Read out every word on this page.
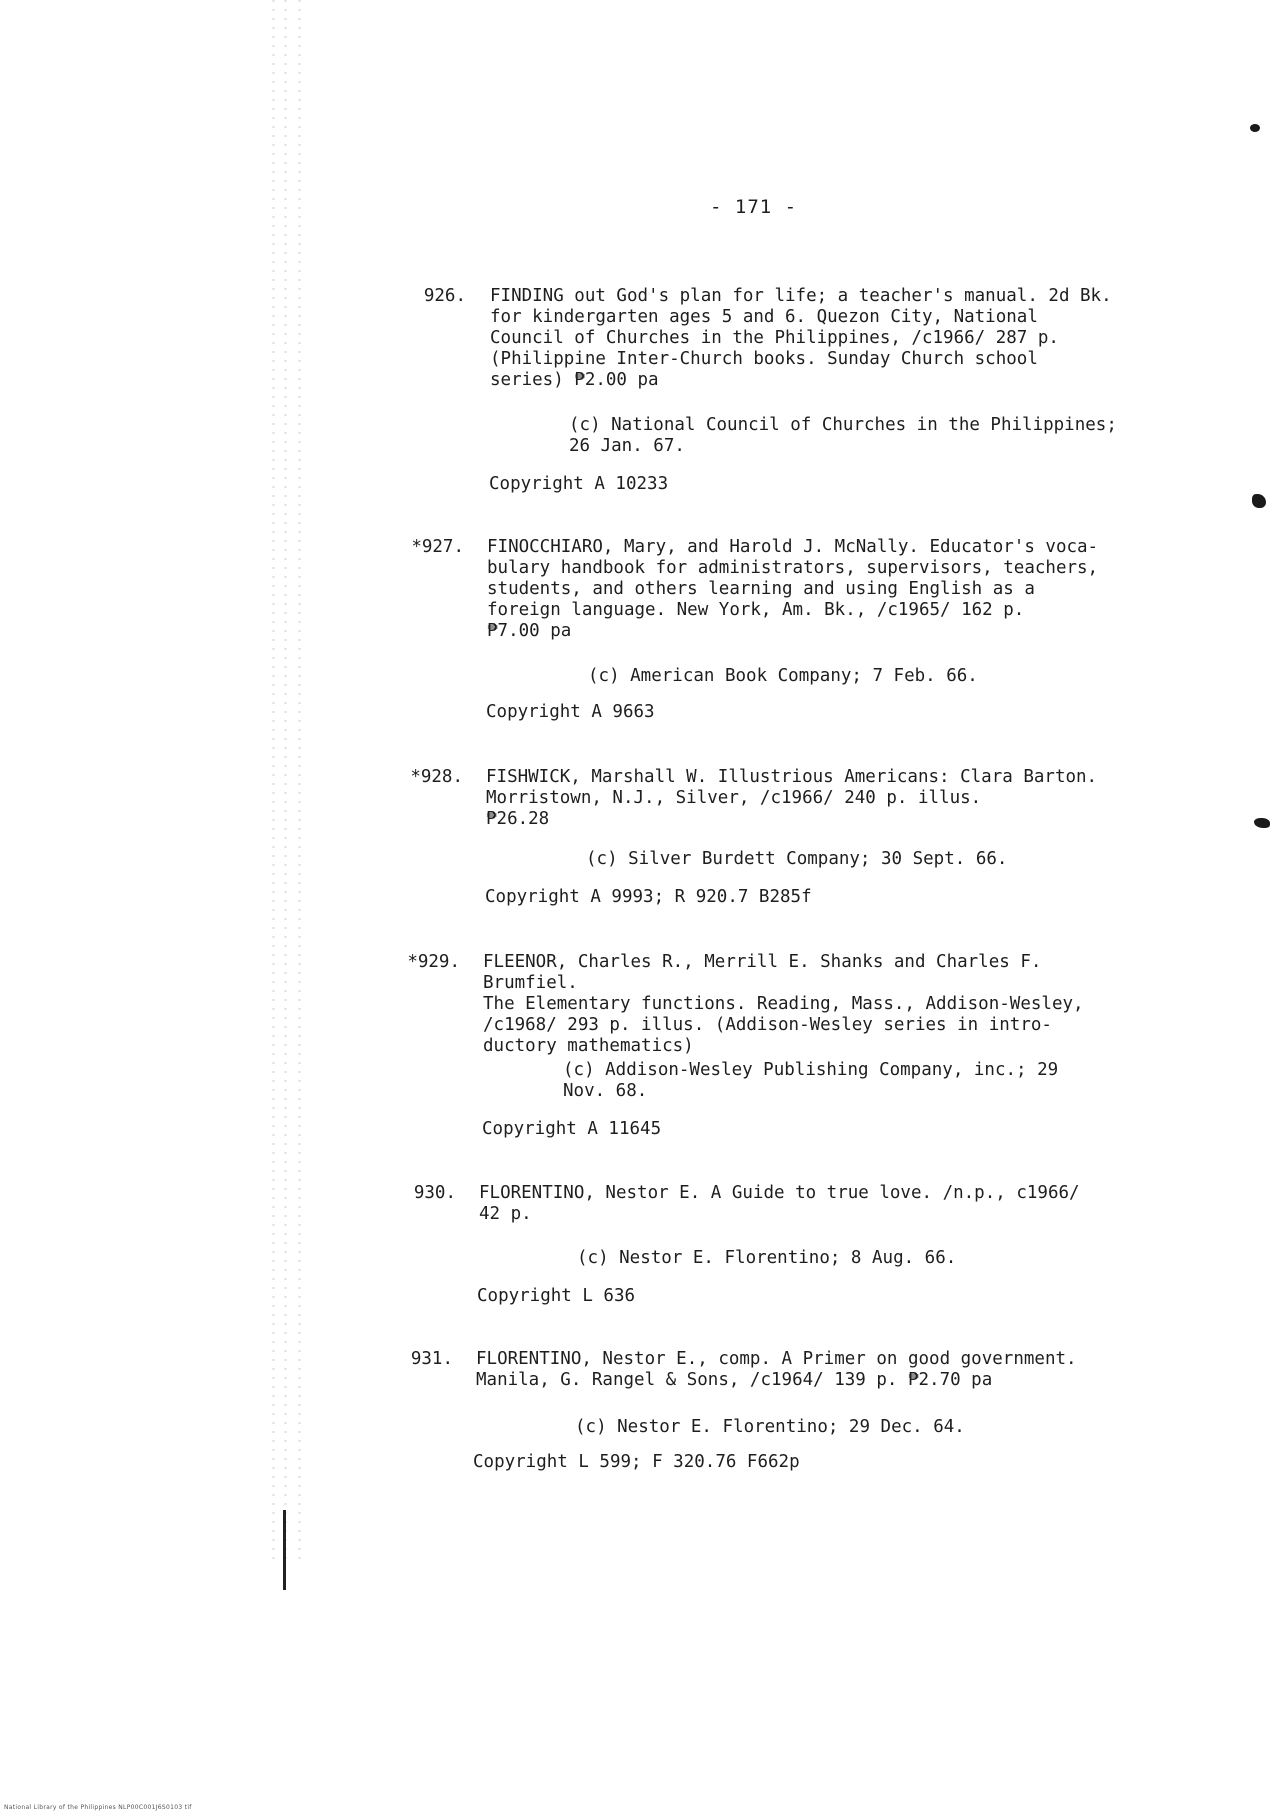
- 171 -
926. FINDING out God's plan for life; a teacher's manual. 2d Bk.
for kindergarten ages 5 and 6. Quezon City, National
Council of Churches in the Philippines, /c1966/ 287 p.
(Philippine Inter-Church books. Sunday Church school
series) ₱2.00 pa
(c) National Council of Churches in the Philippines;
26 Jan. 67.
Copyright A 10233
*927. FINOCCHIARO, Mary, and Harold J. McNally. Educator's voca-
bulary handbook for administrators, supervisors, teachers,
students, and others learning and using English as a
foreign language. New York, Am. Bk., /c1965/ 162 p.
₱7.00 pa
(c) American Book Company; 7 Feb. 66.
Copyright A 9663
*928. FISHWICK, Marshall W. Illustrious Americans: Clara Barton.
Morristown, N.J., Silver, /c1966/ 240 p. illus.
₱26.28
(c) Silver Burdett Company; 30 Sept. 66.
Copyright A 9993; R 920.7 B285f
*929. FLEENOR, Charles R., Merrill E. Shanks and Charles F. Brumfiel.
The Elementary functions. Reading, Mass., Addison-Wesley,
/c1968/ 293 p. illus. (Addison-Wesley series in intro-
ductory mathematics)
(c) Addison-Wesley Publishing Company, inc.; 29
Nov. 68.
Copyright A 11645
930. FLORENTINO, Nestor E. A Guide to true love. /n.p., c1966/
42 p.
(c) Nestor E. Florentino; 8 Aug. 66.
Copyright L 636
931. FLORENTINO, Nestor E., comp. A Primer on good government.
Manila, G. Rangel & Sons, /c1964/ 139 p. ₱2.70 pa
(c) Nestor E. Florentino; 29 Dec. 64.
Copyright L 599; F 320.76 F662p
National Library of the Philippines NLP00C001J6S0103 tif
